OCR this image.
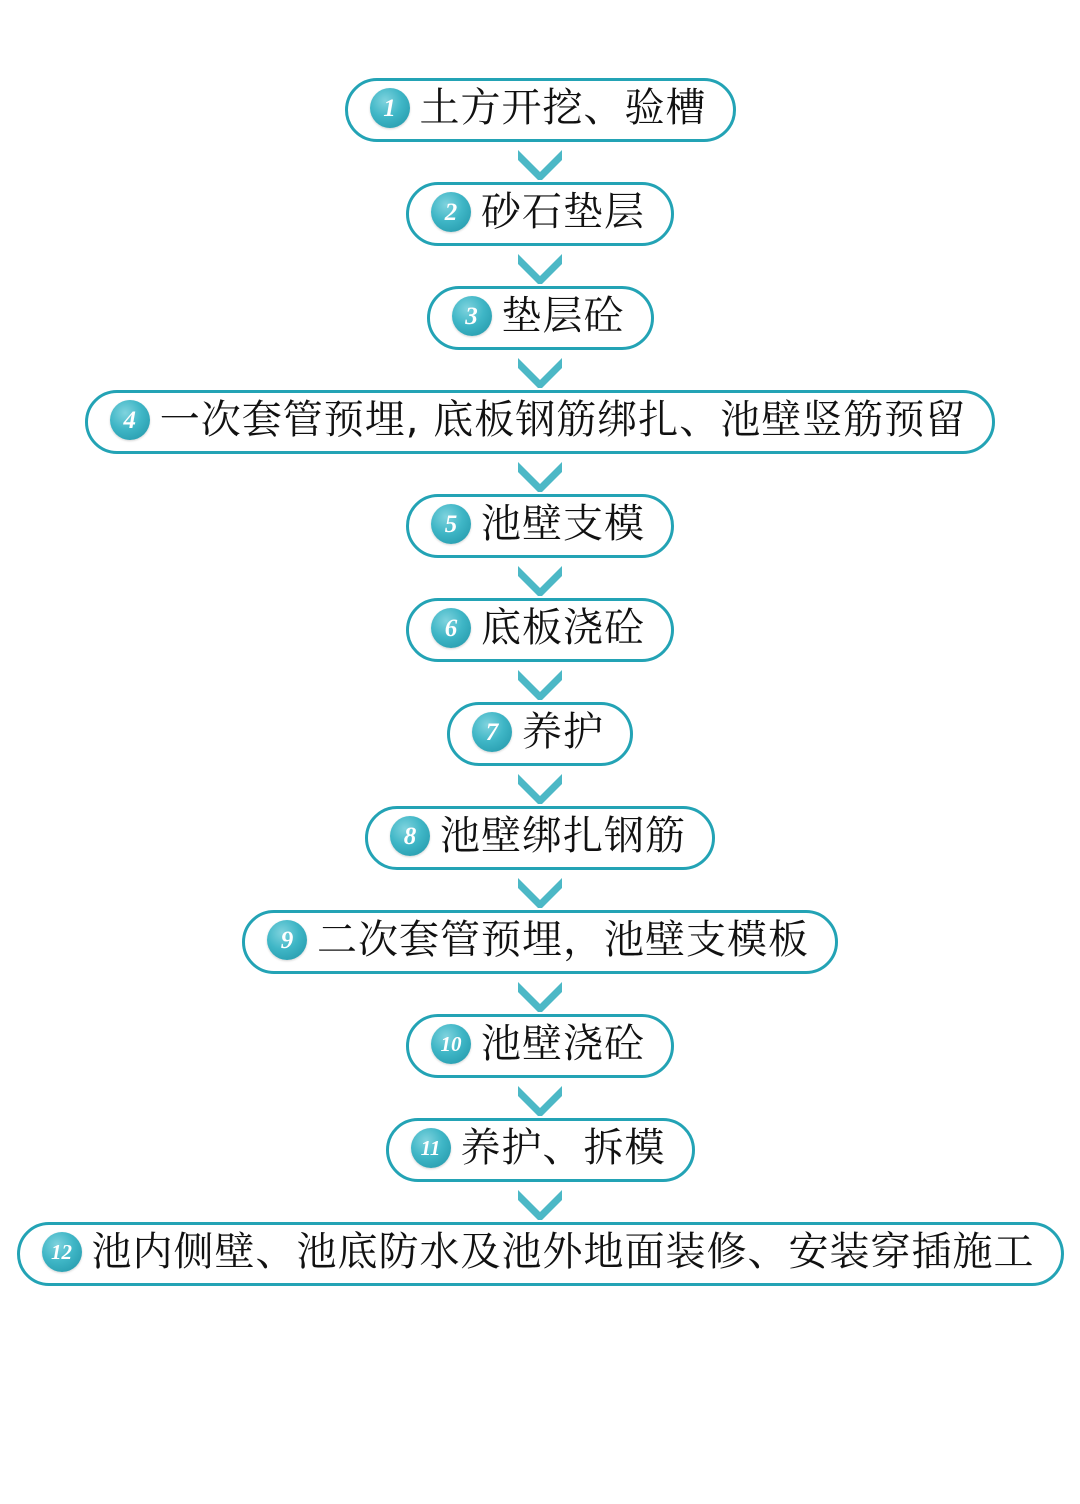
1 土方开挖、验槽
2 砂石垫层
3 垫层砼
4 一次套管预埋, 底板钢筋绑扎、池壁竖筋预留
5 池壁支模
6 底板浇砼
7 养护
8 池壁绑扎钢筋
9 二次套管预埋，池壁支模板
10 池壁浇砼
11 养护、拆模
12 池内侧壁、池底防水及池外地面装修、安装穿插施工
